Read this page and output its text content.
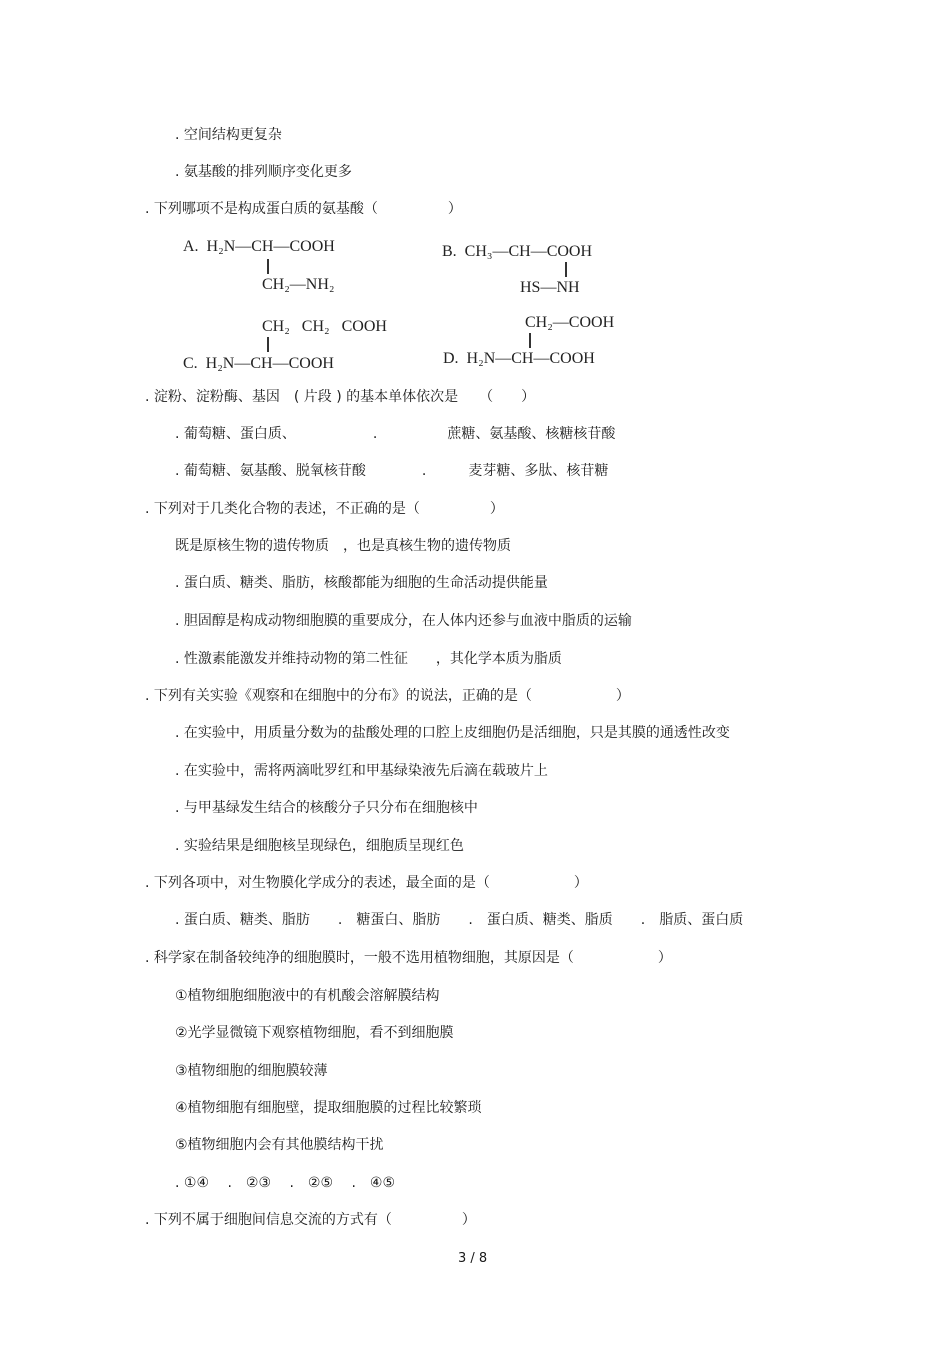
. 空间结构更复杂
. 氨基酸的排列顺序变化更多
. 下列哪项不是构成蛋白质的氨基酸（　　　　　）
A.  H₂N—CH—COOH
CH₂—NH₂
B.  CH₃—CH—COOH
HS—NH
CH₂   CH₂   COOH
C.  H₂N—CH—COOH
CH₂—COOH
D.  H₂N—CH—COOH
. 淀粉、淀粉酶、基因　( 片段 ) 的基本单体依次是　　（　　）
. 葡萄糖、蛋白质、　　　　　　.　　　　　蔗糖、氨基酸、核糖核苷酸
. 葡萄糖、氨基酸、脱氧核苷酸　　　　.　　　麦芽糖、多肽、核苷糖
. 下列对于几类化合物的表述，不正确的是（　　　　　）
既是原核生物的遗传物质　，也是真核生物的遗传物质
. 蛋白质、糖类、脂肪，核酸都能为细胞的生命活动提供能量
. 胆固醇是构成动物细胞膜的重要成分，在人体内还参与血液中脂质的运输
. 性激素能激发并维持动物的第二性征　　，其化学本质为脂质
. 下列有关实验《观察和在细胞中的分布》的说法，正确的是（　　　　　　）
. 在实验中，用质量分数为的盐酸处理的口腔上皮细胞仍是活细胞，只是其膜的通透性改变
. 在实验中，需将两滴吡罗红和甲基绿染液先后滴在载玻片上
. 与甲基绿发生结合的核酸分子只分布在细胞核中
. 实验结果是细胞核呈现绿色，细胞质呈现红色
. 下列各项中，对生物膜化学成分的表述，最全面的是（　　　　　　）
. 蛋白质、糖类、脂肪　　.　糖蛋白、脂肪　　.　蛋白质、糖类、脂质　　.　脂质、蛋白质
. 科学家在制备较纯净的细胞膜时，一般不选用植物细胞，其原因是（　　　　　　）
①植物细胞细胞液中的有机酸会溶解膜结构
②光学显微镜下观察植物细胞，看不到细胞膜
③植物细胞的细胞膜较薄
④植物细胞有细胞壁，提取细胞膜的过程比较繁琐
⑤植物细胞内会有其他膜结构干扰
. ①④　 .　②③　 .　②⑤　 .　④⑤
. 下列不属于细胞间信息交流的方式有（　　　　　）
3 / 8
